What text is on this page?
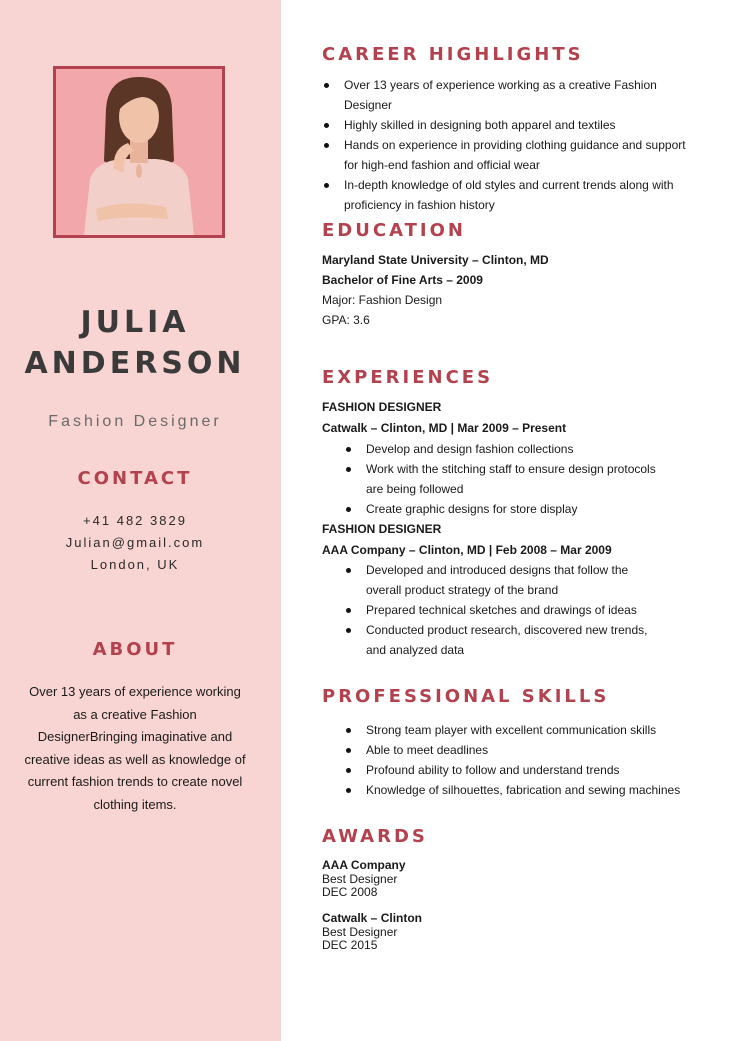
JULIA
ANDERSON
Fashion Designer
CONTACT
+41 482 3829
Julian@gmail.com
London, UK
ABOUT
Over 13 years of experience working as a creative Fashion DesignerBringing imaginative and creative ideas as well as knowledge of current fashion trends to create novel clothing items.
CAREER HIGHLIGHTS
Over 13 years of experience working as a creative Fashion Designer
Highly skilled in designing both apparel and textiles
Hands on experience in providing clothing guidance and support for high-end fashion and official wear
In-depth knowledge of old styles and current trends along with proficiency in fashion history
EDUCATION
Maryland State University – Clinton, MD
Bachelor of Fine Arts – 2009
Major: Fashion Design
GPA: 3.6
EXPERIENCES
FASHION DESIGNER
Catwalk – Clinton, MD | Mar 2009 – Present
Develop and design fashion collections
Work with the stitching staff to ensure design protocols are being followed
Create graphic designs for store display
FASHION DESIGNER
AAA Company – Clinton, MD | Feb 2008 – Mar 2009
Developed and introduced designs that follow the overall product strategy of the brand
Prepared technical sketches and drawings of ideas
Conducted product research, discovered new trends, and analyzed data
PROFESSIONAL SKILLS
Strong team player with excellent communication skills
Able to meet deadlines
Profound ability to follow and understand trends
Knowledge of silhouettes, fabrication and sewing machines
AWARDS
AAA Company
Best Designer
DEC 2008
Catwalk – Clinton
Best Designer
DEC 2015
